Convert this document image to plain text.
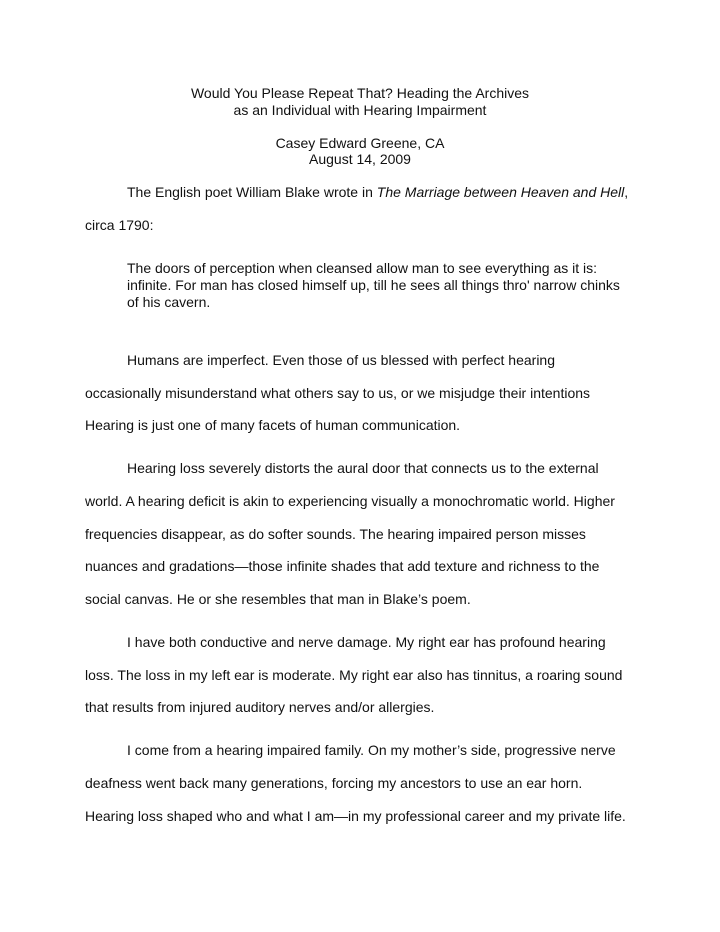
Would You Please Repeat That? Heading the Archives
as an Individual with Hearing Impairment
Casey Edward Greene, CA
August 14, 2009
The English poet William Blake wrote in The Marriage between Heaven and Hell,
circa 1790:
The doors of perception when cleansed allow man to see everything as it is:
infinite. For man has closed himself up, till he sees all things thro' narrow chinks
of his cavern.
Humans are imperfect. Even those of us blessed with perfect hearing
occasionally misunderstand what others say to us, or we misjudge their intentions
Hearing is just one of many facets of human communication.
Hearing loss severely distorts the aural door that connects us to the external
world. A hearing deficit is akin to experiencing visually a monochromatic world. Higher
frequencies disappear, as do softer sounds. The hearing impaired person misses
nuances and gradations—those infinite shades that add texture and richness to the
social canvas. He or she resembles that man in Blake’s poem.
I have both conductive and nerve damage. My right ear has profound hearing
loss. The loss in my left ear is moderate. My right ear also has tinnitus, a roaring sound
that results from injured auditory nerves and/or allergies.
I come from a hearing impaired family. On my mother’s side, progressive nerve
deafness went back many generations, forcing my ancestors to use an ear horn.
Hearing loss shaped who and what I am—in my professional career and my private life.
